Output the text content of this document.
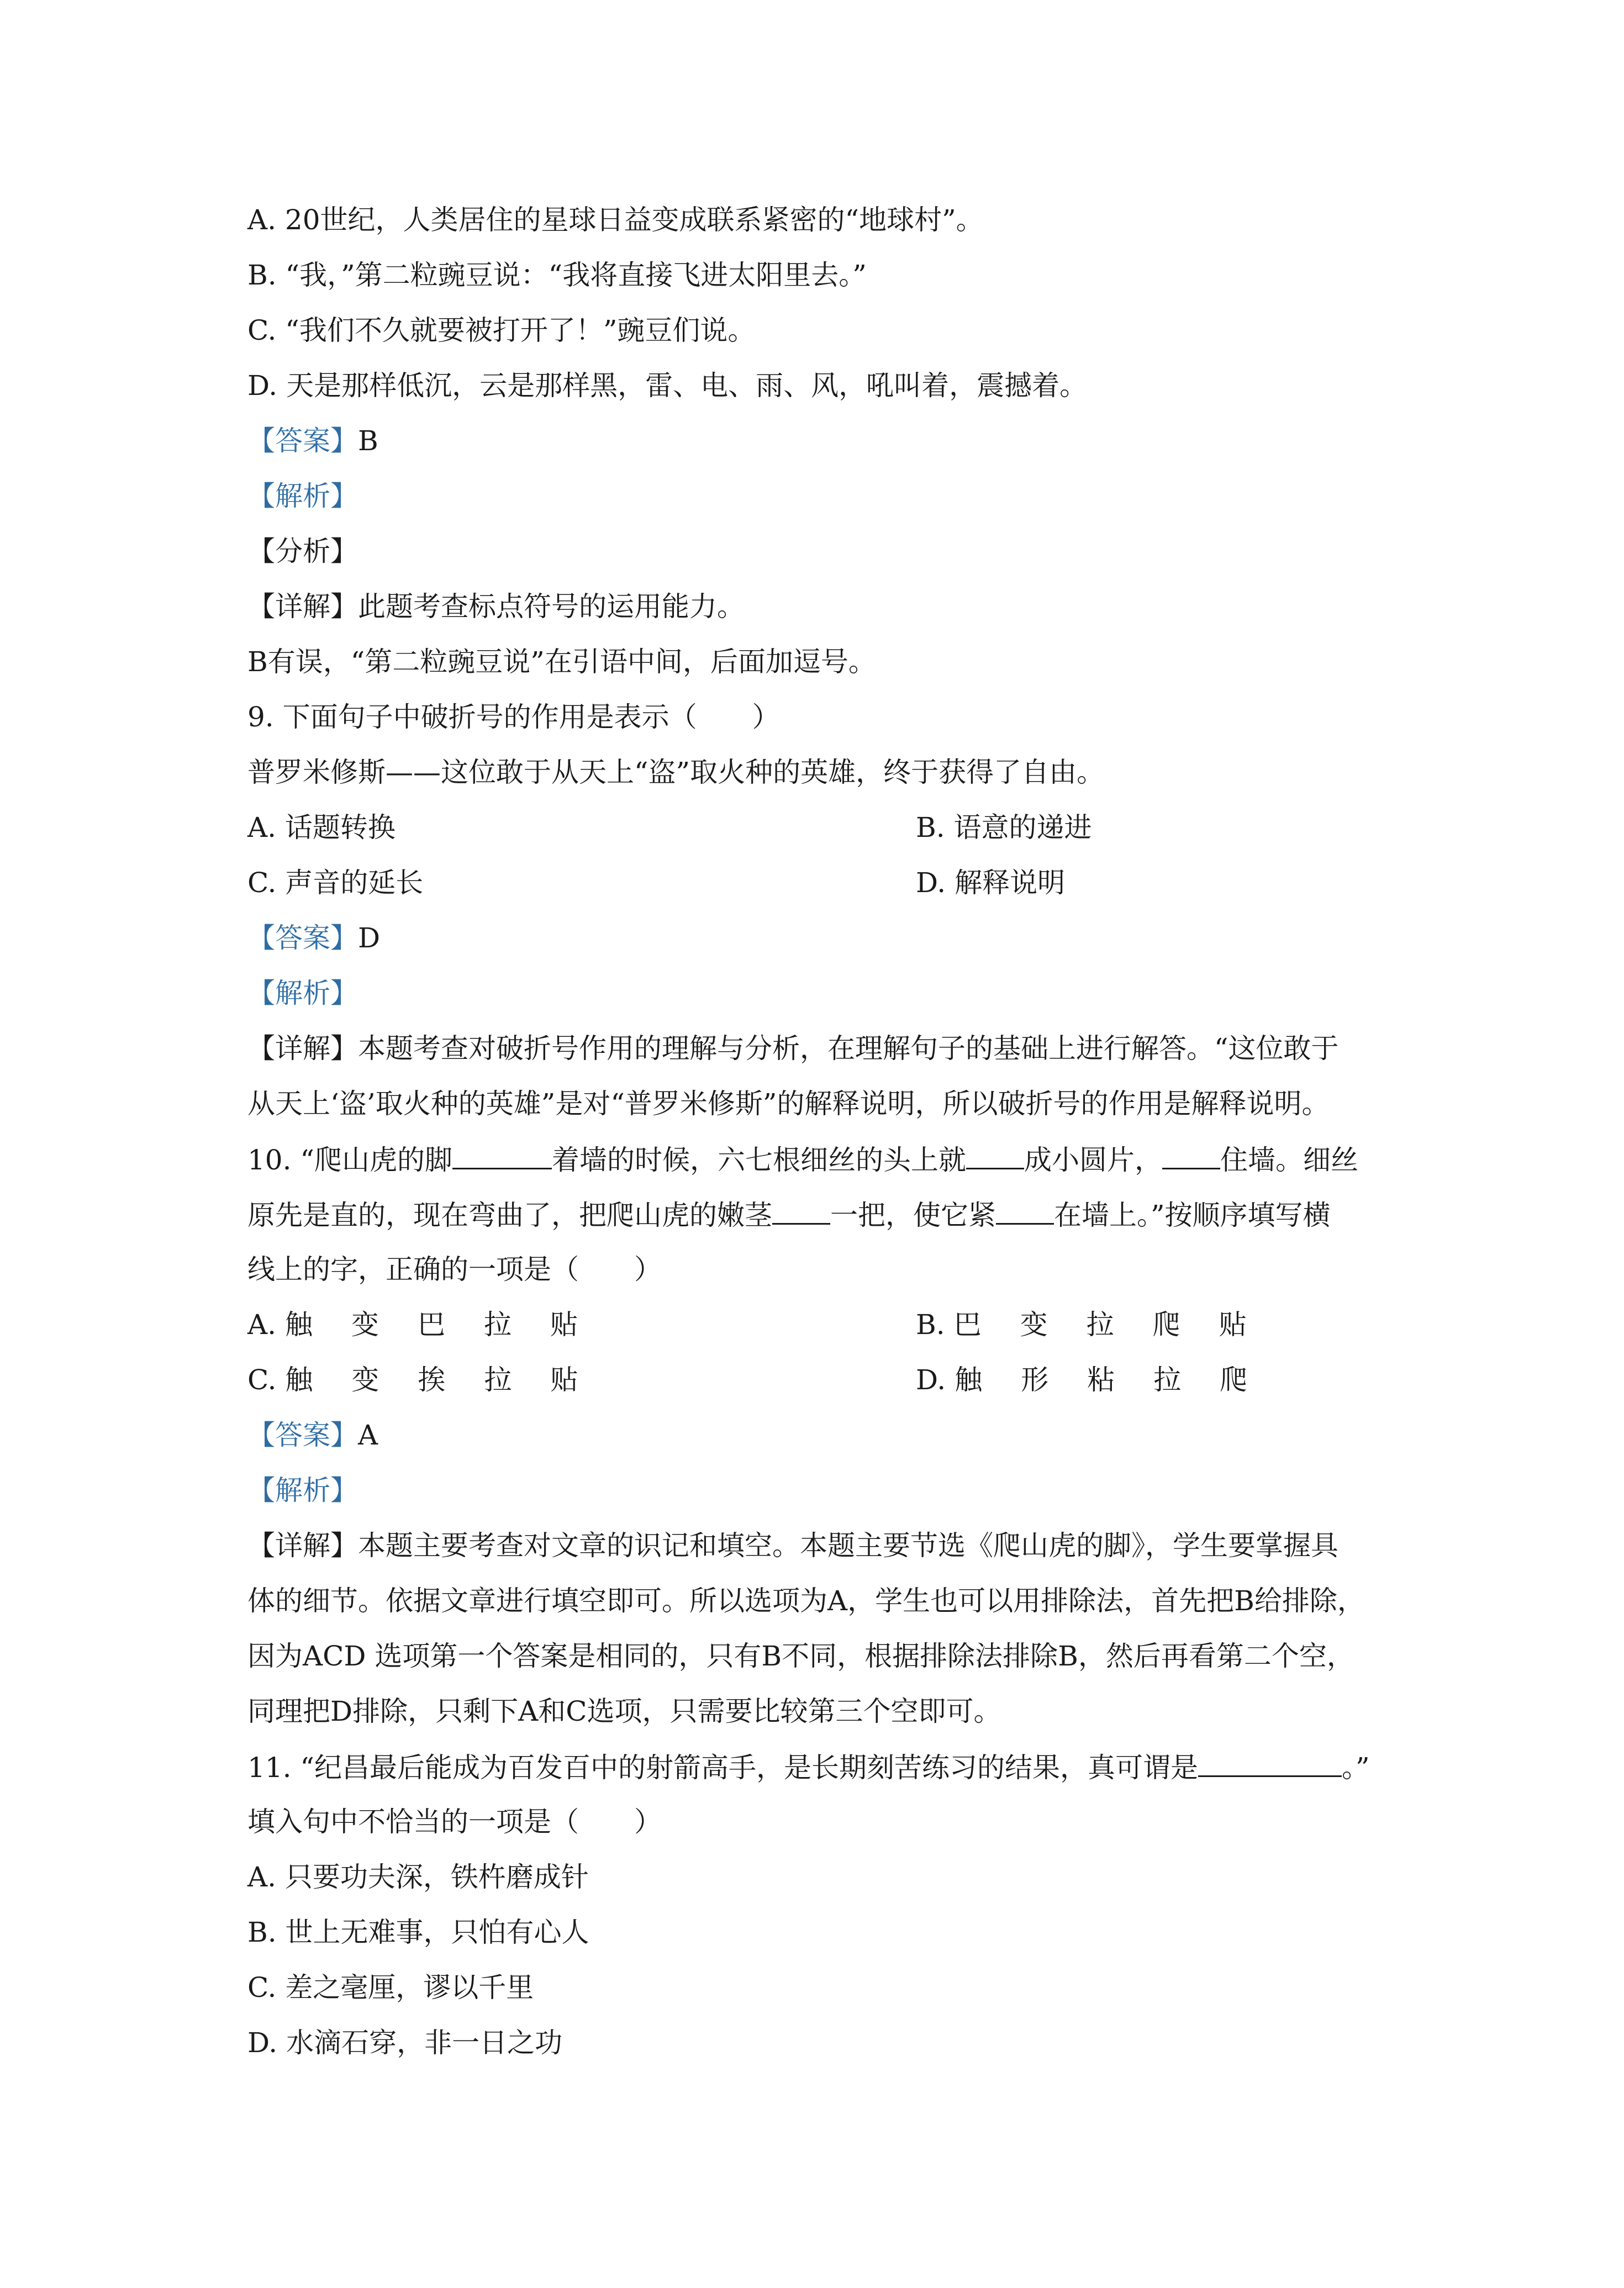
A. 20世纪，人类居住的星球日益变成联系紧密的“地球村”。
B. “我，”第二粒豌豆说：“我将直接飞进太阳里去。”
C. “我们不久就要被打开了！”豌豆们说。
D. 天是那样低沉，云是那样黑，雷、电、雨、风，吼叫着，震撼着。
【答案】B
【解析】
【分析】
【详解】此题考查标点符号的运用能力。
B有误，“第二粒豌豆说”在引语中间，后面加逗号。
9. 下面句子中破折号的作用是表示（　　）
普罗米修斯——这位敢于从天上“盗”取火种的英雄，终于获得了自由。
A. 话题转换	B. 语意的递进
C. 声音的延长	D. 解释说明
【答案】D
【解析】
【详解】本题考查对破折号作用的理解与分析，在理解句子的基础上进行解答。“这位敢于
从天上‘盗’取火种的英雄”是对“普罗米修斯”的解释说明，所以破折号的作用是解释说明。
10. “爬山虎的脚	着墙的时候，六七根细丝的头上就 成小圆片， 住墙。细丝
原先是直的，现在弯曲了，把爬山虎的嫩茎 一把，使它紧 在墙上。”按顺序填写横
线上的字，正确的一项是（　　）
A. 触 变 巴 拉 贴	B. 巴 变 拉 爬 贴
C. 触 变 挨 拉 贴	D. 触 形 粘 拉 爬
【答案】A
【解析】
【详解】本题主要考查对文章的识记和填空。本题主要节选《爬山虎的脚》，学生要掌握具
体的细节。依据文章进行填空即可。所以选项为A，学生也可以用排除法，首先把B给排除，
因为ACD 选项第一个答案是相同的，只有B不同，根据排除法排除B，然后再看第二个空，
同理把D排除，只剩下A和C选项，只需要比较第三个空即可。
11. “纪昌最后能成为百发百中的射箭高手，是长期刻苦练习的结果，真可谓是	。”
填入句中不恰当的一项是（　　）
A. 只要功夫深，铁杵磨成针
B. 世上无难事，只怕有心人
C. 差之毫厘，谬以千里
D. 水滴石穿，非一日之功
